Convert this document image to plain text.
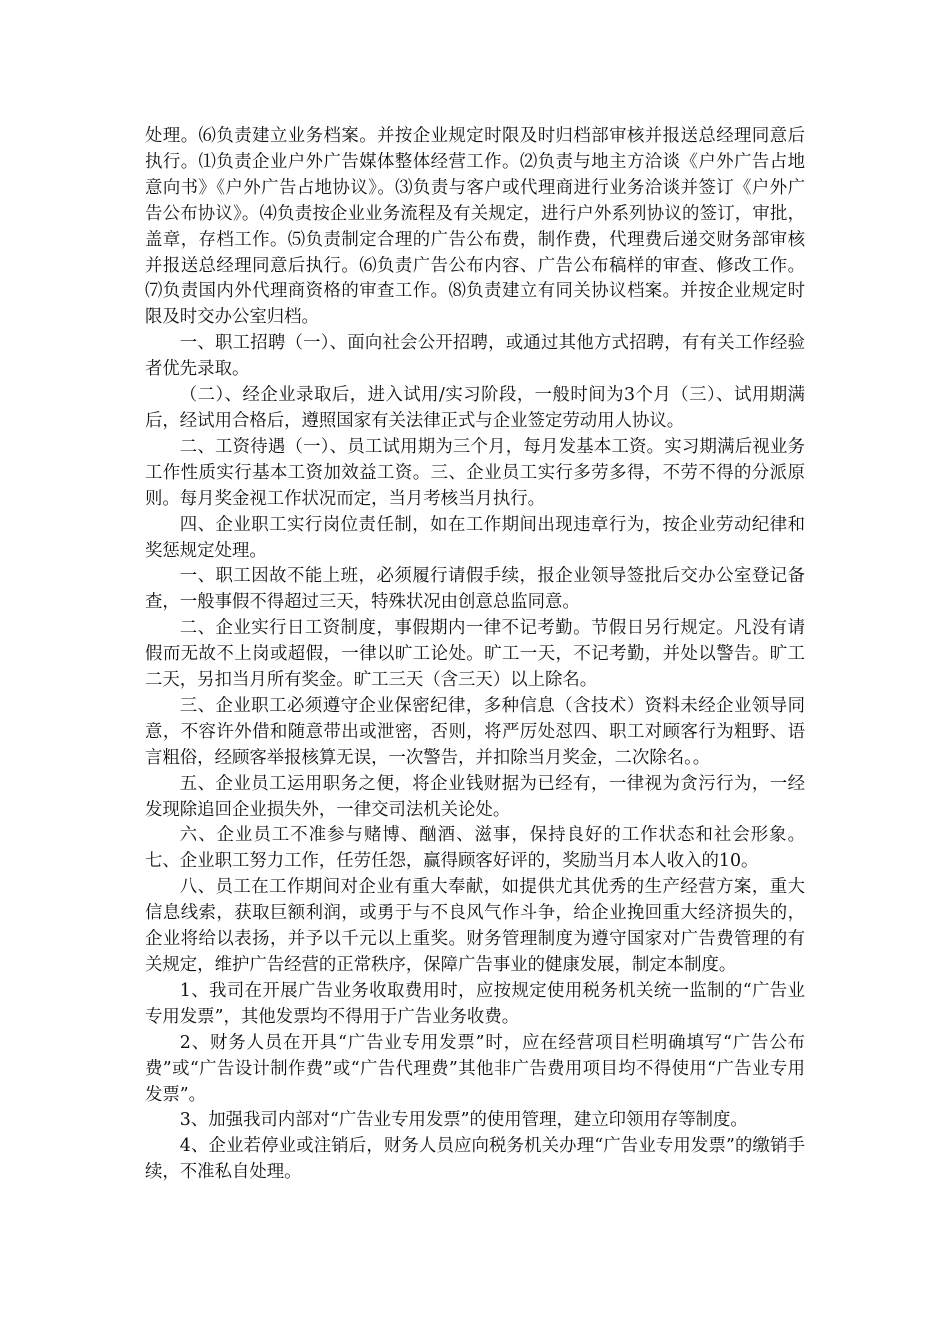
处理。⑹负责建立业务档案。并按企业规定时限及时归档部审核并报送总经理同意后执行。⑴负责企业户外广告媒体整体经营工作。⑵负责与地主方洽谈《户外广告占地意向书》《户外广告占地协议》。⑶负责与客户或代理商进行业务洽谈并签订《户外广告公布协议》。⑷负责按企业业务流程及有关规定，进行户外系列协议的签订，审批，盖章，存档工作。⑸负责制定合理的广告公布费，制作费，代理费后递交财务部审核并报送总经理同意后执行。⑹负责广告公布内容、广告公布稿样的审查、修改工作。⑺负责国内外代理商资格的审查工作。⑻负责建立有同关协议档案。并按企业规定时限及时交办公室归档。

一、职工招聘（一）、面向社会公开招聘，或通过其他方式招聘，有有关工作经验者优先录取。

（二）、经企业录取后，进入试用/实习阶段，一般时间为3个月（三）、试用期满后，经试用合格后，遵照国家有关法律正式与企业签定劳动用人协议。

二、工资待遇（一）、员工试用期为三个月，每月发基本工资。实习期满后视业务工作性质实行基本工资加效益工资。三、企业员工实行多劳多得，不劳不得的分派原则。每月奖金视工作状况而定，当月考核当月执行。

四、企业职工实行岗位责任制，如在工作期间出现违章行为，按企业劳动纪律和奖惩规定处理。

一、职工因故不能上班，必须履行请假手续，报企业领导签批后交办公室登记备查，一般事假不得超过三天，特殊状况由创意总监同意。

二、企业实行日工资制度，事假期内一律不记考勤。节假日另行规定。凡没有请假而无故不上岗或超假，一律以旷工论处。旷工一天，不记考勤，并处以警告。旷工二天，另扣当月所有奖金。旷工三天（含三天）以上除名。

三、企业职工必须遵守企业保密纪律，多种信息（含技术）资料未经企业领导同意，不容许外借和随意带出或泄密，否则，将严厉处怼四、职工对顾客行为粗野、语言粗俗，经顾客举报核算无误，一次警告，并扣除当月奖金，二次除名。。

五、企业员工运用职务之便，将企业钱财据为已经有，一律视为贪污行为，一经发现除追回企业损失外，一律交司法机关论处。

六、企业员工不准参与赌博、酗酒、滋事，保持良好的工作状态和社会形象。七、企业职工努力工作，任劳任怨，赢得顾客好评的，奖励当月本人收入的10。

八、员工在工作期间对企业有重大奉献，如提供尤其优秀的生产经营方案，重大信息线索，获取巨额利润，或勇于与不良风气作斗争，给企业挽回重大经济损失的，企业将给以表扬，并予以千元以上重奖。财务管理制度为遵守国家对广告费管理的有关规定，维护广告经营的正常秩序，保障广告事业的健康发展，制定本制度。

1、我司在开展广告业务收取费用时，应按规定使用税务机关统一监制的“广告业专用发票”，其他发票均不得用于广告业务收费。

2、财务人员在开具“广告业专用发票”时，应在经营项目栏明确填写“广告公布费”或“广告设计制作费”或“广告代理费”其他非广告费用项目均不得使用“广告业专用发票”。

3、加强我司内部对“广告业专用发票”的使用管理，建立印领用存等制度。

4、企业若停业或注销后，财务人员应向税务机关办理“广告业专用发票”的缴销手续，不准私自处理。
